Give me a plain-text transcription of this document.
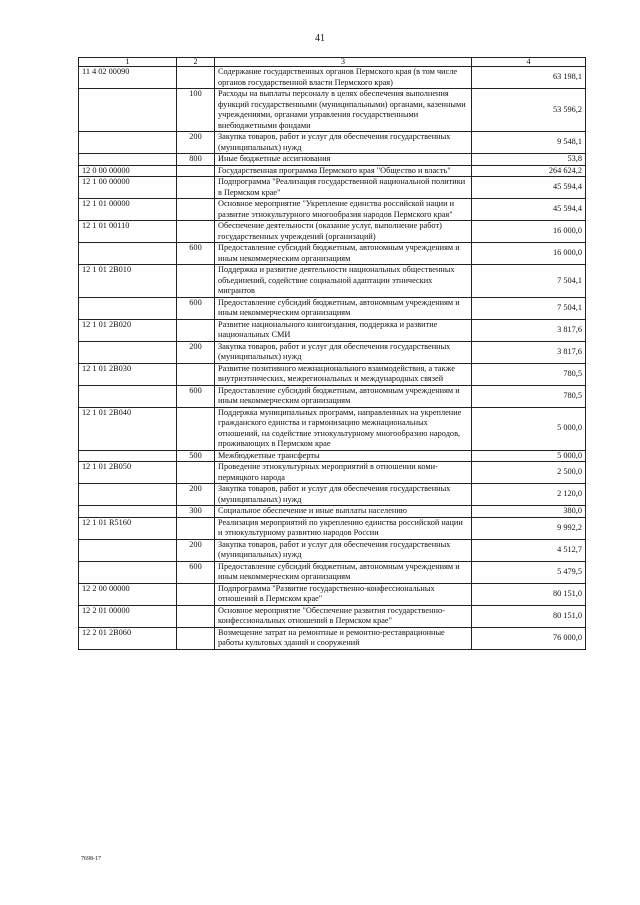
41
1	2	3	4
11 4 02 00090		Содержание государственных органов Пермского края (в том числе органов государственной власти Пермского края)	63 198,1
	100	Расходы на выплаты персоналу в целях обеспечения выполнения функций государственными (муниципальными) органами, казенными учреждениями, органами управления государственными внебюджетными фондами	53 596,2
	200	Закупка товаров, работ и услуг для обеспечения государственных (муниципальных) нужд	9 548,1
	800	Иные бюджетные ассигнования	53,8
12 0 00 00000		Государственная программа Пермского края "Общество и власть"	264 624,2
12 1 00 00000		Подпрограмма "Реализация государственной национальной политики в Пермском крае"	45 594,4
12 1 01 00000		Основное мероприятие "Укрепление единства российской нации и развитие этнокультурного многообразия народов Пермского края"	45 594,4
12 1 01 00110		Обеспечение деятельности (оказание услуг, выполнение работ) государственных учреждений (организаций)	16 000,0
	600	Предоставление субсидий бюджетным, автономным учреждениям и иным некоммерческим организациям	16 000,0
12 1 01 2В010		Поддержка и развитие деятельности национальных общественных объединений, содействие социальной адаптации этнических мигрантов	7 504,1
	600	Предоставление субсидий бюджетным, автономным учреждениям и иным некоммерческим организациям	7 504,1
12 1 01 2В020		Развитие национального книгоиздания, поддержка и развитие национальных СМИ	3 817,6
	200	Закупка товаров, работ и услуг для обеспечения государственных (муниципальных) нужд	3 817,6
12 1 01 2В030		Развитие позитивного межнационального взаимодействия, а также внутриэтнических, межрегиональных и международных связей	780,5
	600	Предоставление субсидий бюджетным, автономным учреждениям и иным некоммерческим организациям	780,5
12 1 01 2В040		Поддержка муниципальных программ, направленных на укрепление гражданского единства и гармонизацию межнациональных отношений, на содействие этнокультурному многообразию народов, проживающих в Пермском крае	5 000,0
	500	Межбюджетные трансферты	5 000,0
12 1 01 2В050		Проведение этнокультурных мероприятий в отношении коми-пермяцкого народа	2 500,0
	200	Закупка товаров, работ и услуг для обеспечения государственных (муниципальных) нужд	2 120,0
	300	Социальное обеспечение и иные выплаты населению	380,0
12 1 01 R5160		Реализация мероприятий по укреплению единства российской нации и этнокультурному развитию народов России	9 992,2
	200	Закупка товаров, работ и услуг для обеспечения государственных (муниципальных) нужд	4 512,7
	600	Предоставление субсидий бюджетным, автономным учреждениям и иным некоммерческим организациям	5 479,5
12 2 00 00000		Подпрограмма "Развитие государственно-конфессиональных отношений в Пермском крае"	80 151,0
12 2 01 00000		Основное мероприятие "Обеспечение развития государственно-конфессиональных отношений в Пермском крае"	80 151,0
12 2 01 2В060		Возмещение затрат на ремонтные и ремонтно-реставрационные работы культовых зданий и сооружений	76 000,0
7698-17
